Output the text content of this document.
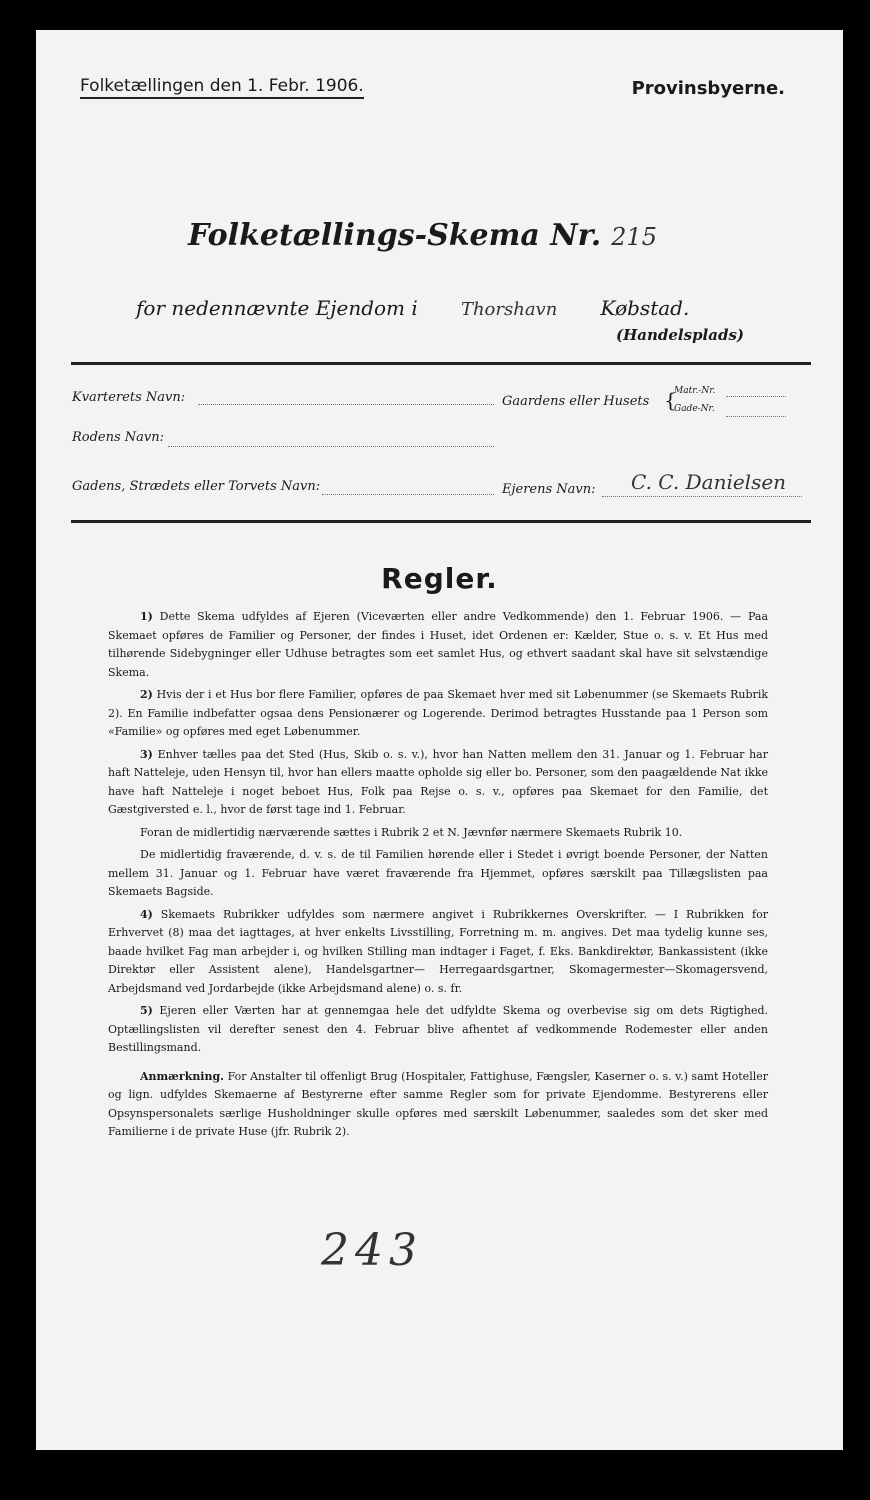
Folketællingen den 1. Febr. 1906.	Provinsbyerne.
Folketællings-Skema Nr. 215
for nedennævnte Ejendom i Thorshavn Købstad.
(Handelsplads)
Kvarterets Navn:	Gaardens eller Husets {
Matr.-Nr.
Gade-Nr.
Rodens Navn:
Gadens, Strædets eller Torvets Navn:	Ejerens Navn: C. C. Danielsen
Regler.

1) Dette Skema udfyldes af Ejeren (Viceværten eller andre Vedkommende) den 1. Februar 1906. — Paa Skemaet opføres de Familier og Personer, der findes i Huset, idet Ordenen er: Kælder, Stue o. s. v. Et Hus med tilhørende Sidebygninger eller Udhuse betragtes som eet samlet Hus, og ethvert saadant skal have sit selvstændige Skema.

2) Hvis der i et Hus bor flere Familier, opføres de paa Skemaet hver med sit Løbenummer (se Skemaets Rubrik 2). En Familie indbefatter ogsaa dens Pensionærer og Logerende. Derimod betragtes Husstande paa 1 Person som «Familie» og opføres med eget Løbenummer.

3) Enhver tælles paa det Sted (Hus, Skib o. s. v.), hvor han Natten mellem den 31. Januar og 1. Februar har haft Natteleje, uden Hensyn til, hvor han ellers maatte opholde sig eller bo. Personer, som den paagældende Nat ikke have haft Natteleje i noget beboet Hus, Folk paa Rejse o. s. v., opføres paa Skemaet for den Familie, det Gæstgiversted e. l., hvor de først tage ind 1. Februar.

Foran de midlertidig nærværende sættes i Rubrik 2 et N. Jævnfør nærmere Skemaets Rubrik 10.

De midlertidig fraværende, d. v. s. de til Familien hørende eller i Stedet i øvrigt boende Personer, der Natten mellem 31. Januar og 1. Februar have været fraværende fra Hjemmet, opføres særskilt paa Tillægslisten paa Skemaets Bagside.

4) Skemaets Rubrikker udfyldes som nærmere angivet i Rubrikkernes Overskrifter. — I Rubrikken for Erhvervet (8) maa det iagttages, at hver enkelts Livsstilling, Forretning m. m. angives. Det maa tydelig kunne ses, baade hvilket Fag man arbejder i, og hvilken Stilling man indtager i Faget, f. Eks. Bankdirektør, Bankassistent (ikke Direktør eller Assistent alene), Handelsgartner— Herregaardsgartner, Skomagermester—Skomagersvend, Arbejdsmand ved Jordarbejde (ikke Arbejdsmand alene) o. s. fr.

5) Ejeren eller Værten har at gennemgaa hele det udfyldte Skema og overbevise sig om dets Rigtighed. Optællingslisten vil derefter senest den 4. Februar blive afhentet af vedkommende Rodemester eller anden Bestillingsmand.

Anmærkning. For Anstalter til offenligt Brug (Hospitaler, Fattighuse, Fængsler, Kaserner o. s. v.) samt Hoteller og lign. udfyldes Skemaerne af Bestyrerne efter samme Regler som for private Ejendomme. Bestyrerens eller Opsynspersonalets særlige Husholdninger skulle opføres med særskilt Løbenummer, saaledes som det sker med Familierne i de private Huse (jfr. Rubrik 2).

243
